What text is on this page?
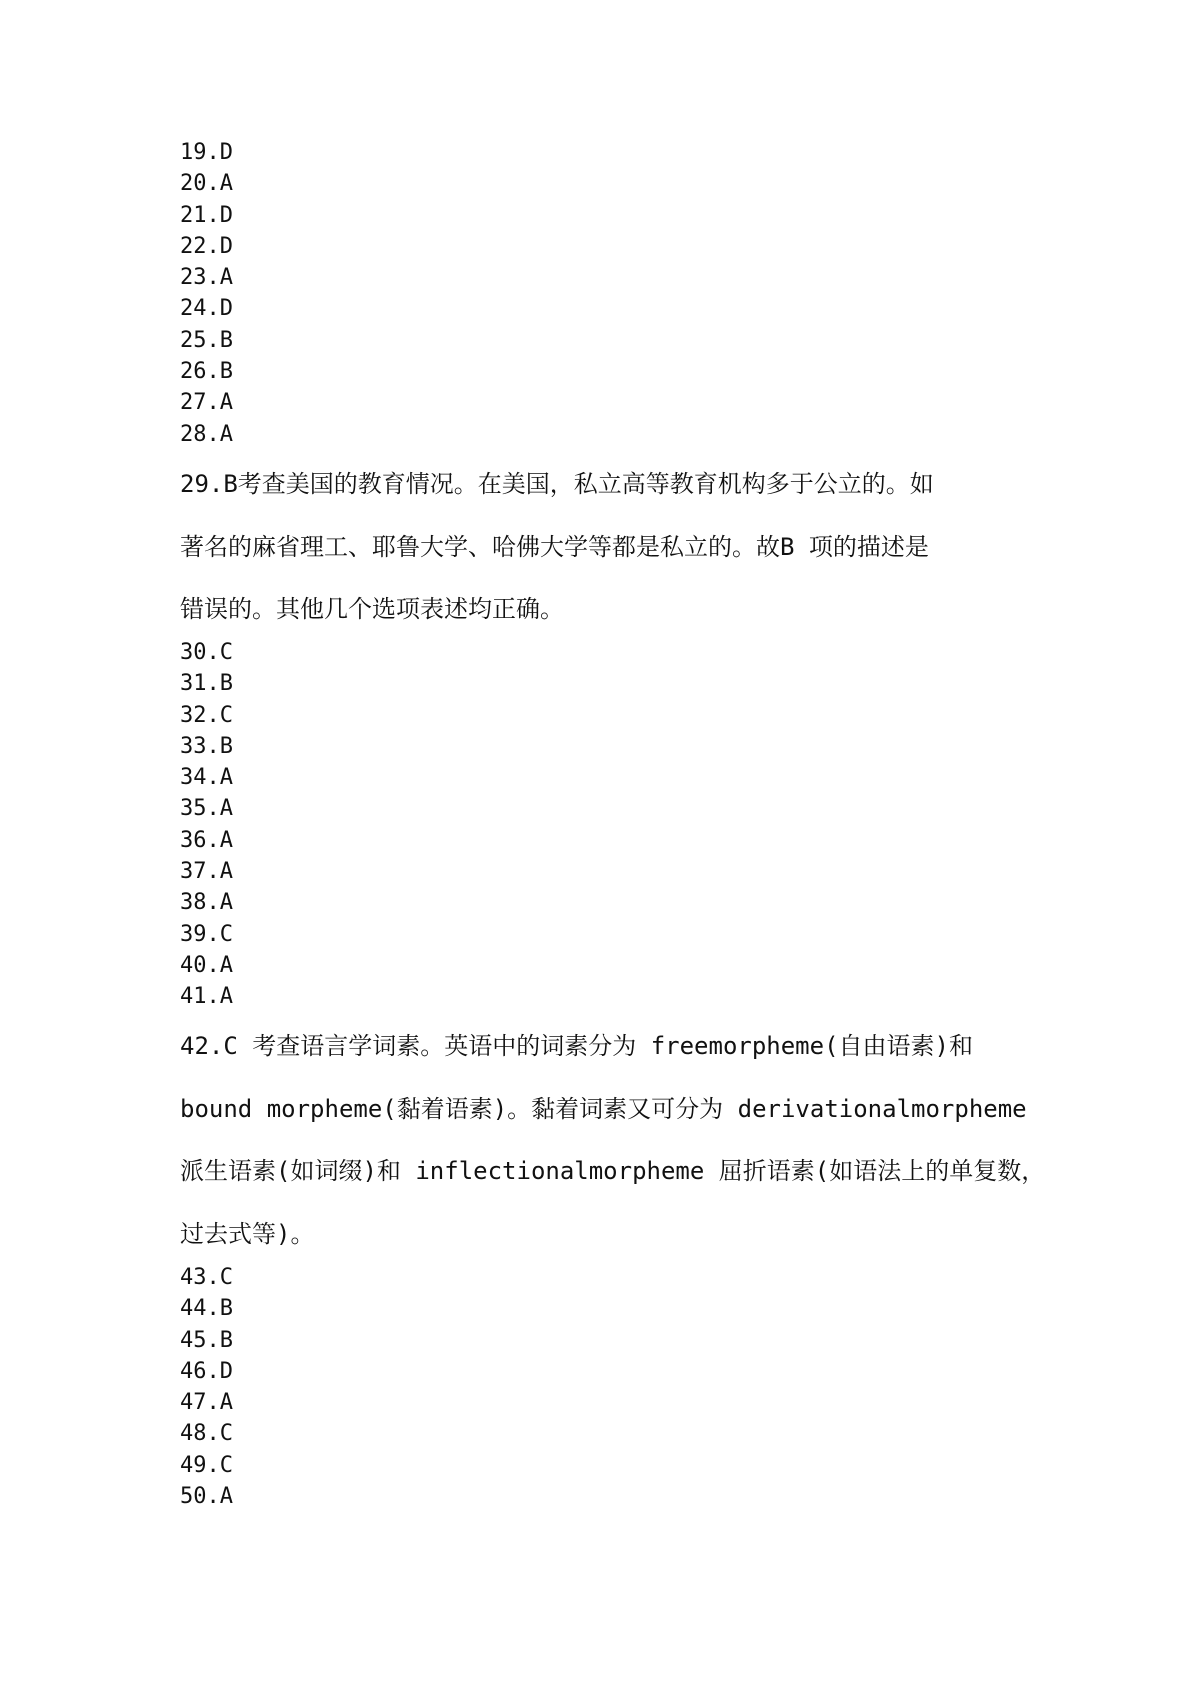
19.D

20.A

21.D

22.D

23.A

24.D

25.B

26.B

27.A

28.A

29.B考查美国的教育情况。在美国，私立高等教育机构多于公立的。如

著名的麻省理工、耶鲁大学、哈佛大学等都是私立的。故B 项的描述是

错误的。其他几个选项表述均正确。

30.C

31.B

32.C

33.B

34.A

35.A

36.A

37.A

38.A

39.C

40.A

41.A

42.C 考查语言学词素。英语中的词素分为 freemorpheme(自由语素)和

bound morpheme(黏着语素)。黏着词素又可分为 derivationalmorpheme

派生语素(如词缀)和 inflectionalmorpheme 屈折语素(如语法上的单复数，

过去式等)。

43.C

44.B

45.B

46.D

47.A

48.C

49.C

50.A
